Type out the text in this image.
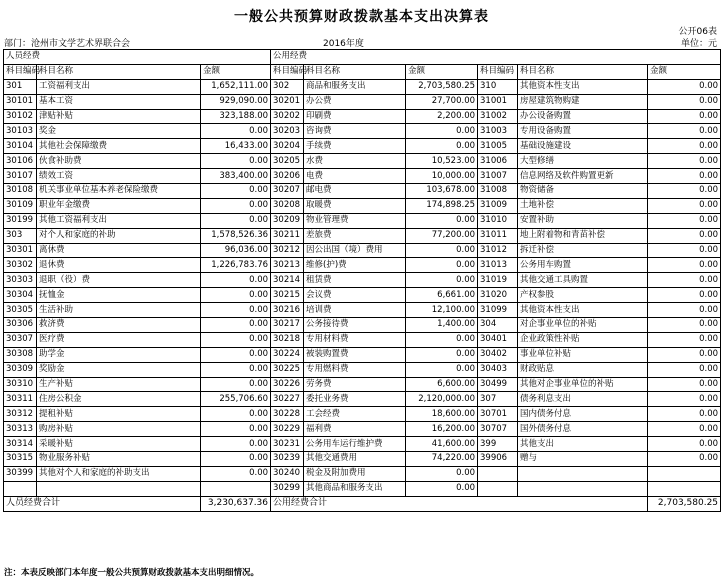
一般公共预算财政拨款基本支出决算表
公开06表
部门：沧州市文学艺术界联合会	2016年度	单位：元
人员经费			公用经费					
科目编码	科目名称	金额	科目编码	科目名称	金额	科目编码	科目名称	金额
301	工资福利支出	1,652,111.00	302	商品和服务支出	2,703,580.25	310	其他资本性支出	0.00
30101	基本工资	929,090.00	30201	办公费	27,700.00	31001	房屋建筑物购建	0.00
30102	津贴补贴	323,188.00	30202	印刷费	2,200.00	31002	办公设备购置	0.00
30103	奖金	0.00	30203	咨询费	0.00	31003	专用设备购置	0.00
30104	其他社会保障缴费	16,433.00	30204	手续费	0.00	31005	基础设施建设	0.00
30106	伙食补助费	0.00	30205	水费	10,523.00	31006	大型修缮	0.00
30107	绩效工资	383,400.00	30206	电费	10,000.00	31007	信息网络及软件购置更新	0.00
30108	机关事业单位基本养老保险缴费	0.00	30207	邮电费	103,678.00	31008	物资储备	0.00
30109	职业年金缴费	0.00	30208	取暖费	174,898.25	31009	土地补偿	0.00
30199	其他工资福利支出	0.00	30209	物业管理费	0.00	31010	安置补助	0.00
303	对个人和家庭的补助	1,578,526.36	30211	差旅费	77,200.00	31011	地上附着物和青苗补偿	0.00
30301	离休费	96,036.00	30212	因公出国（境）费用	0.00	31012	拆迁补偿	0.00
30302	退休费	1,226,783.76	30213	维修(护)费	0.00	31013	公务用车购置	0.00
30303	退职（役）费	0.00	30214	租赁费	0.00	31019	其他交通工具购置	0.00
30304	抚恤金	0.00	30215	会议费	6,661.00	31020	产权参股	0.00
30305	生活补助	0.00	30216	培训费	12,100.00	31099	其他资本性支出	0.00
30306	救济费	0.00	30217	公务接待费	1,400.00	304	对企事业单位的补贴	0.00
30307	医疗费	0.00	30218	专用材料费	0.00	30401	企业政策性补贴	0.00
30308	助学金	0.00	30224	被装购置费	0.00	30402	事业单位补贴	0.00
30309	奖励金	0.00	30225	专用燃料费	0.00	30403	财政贴息	0.00
30310	生产补贴	0.00	30226	劳务费	6,600.00	30499	其他对企事业单位的补贴	0.00
30311	住房公积金	255,706.60	30227	委托业务费	2,120,000.00	307	债务利息支出	0.00
30312	提租补贴	0.00	30228	工会经费	18,600.00	30701	国内债务付息	0.00
30313	购房补贴	0.00	30229	福利费	16,200.00	30707	国外债务付息	0.00
30314	采暖补贴	0.00	30231	公务用车运行维护费	41,600.00	399	其他支出	0.00
30315	物业服务补贴	0.00	30239	其他交通费用	74,220.00	39906	赠与	0.00
30399	其他对个人和家庭的补助支出	0.00	30240	税金及附加费用	0.00			
			30299	其他商品和服务支出	0.00			
人员经费合计		3,230,637.36	公用经费合计					2,703,580.25
注：本表反映部门本年度一般公共预算财政拨款基本支出明细情况。
